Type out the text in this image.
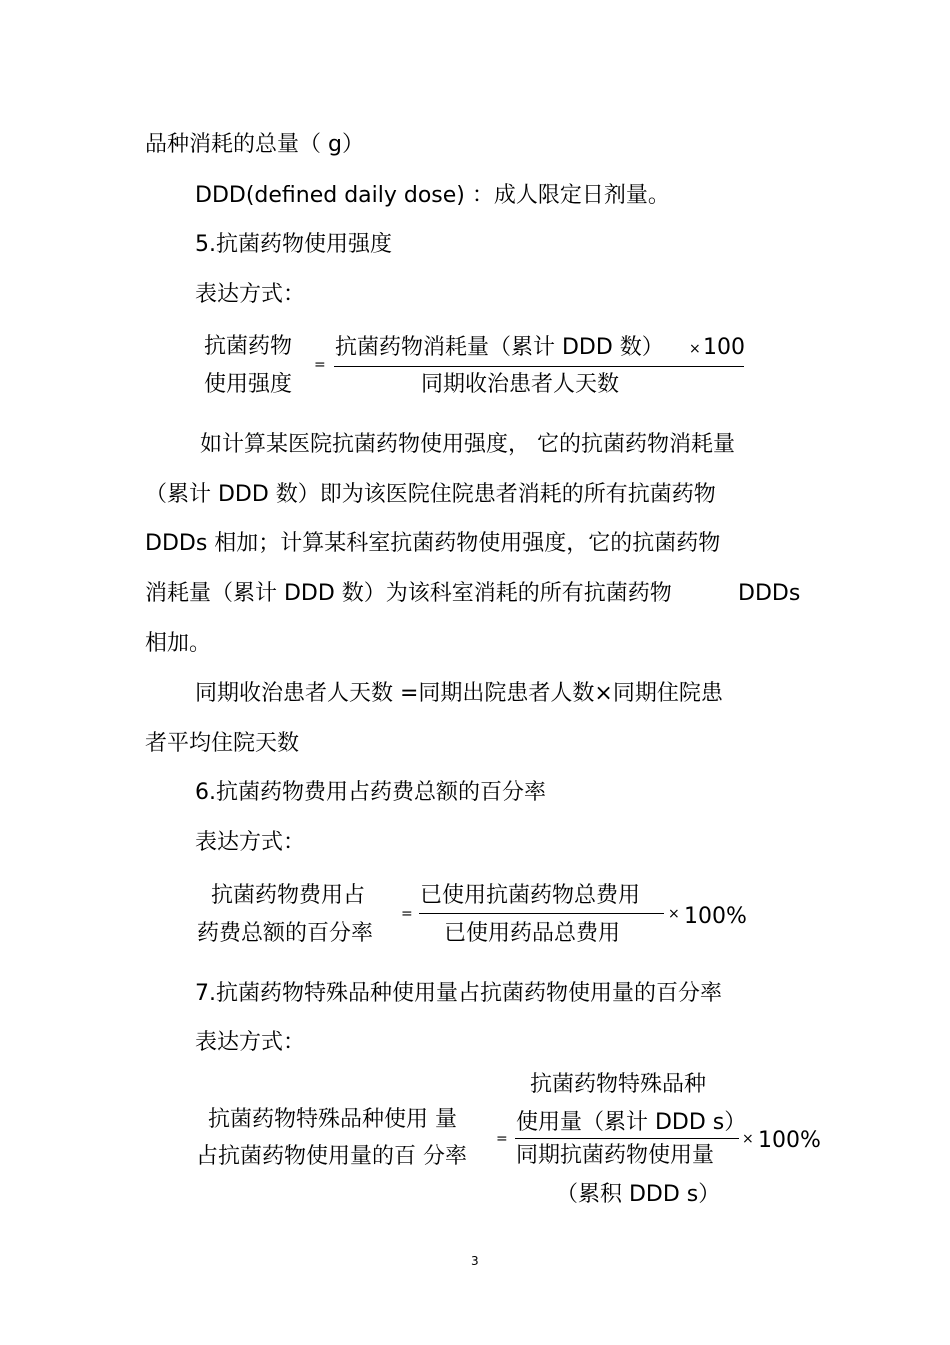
品种消耗的总量（ g）
DDD(defined daily dose) ：成人限定日剂量。
5.抗菌药物使用强度
表达方式：
抗菌药物
使用强度
=
抗菌药物消耗量（累计 DDD 数） × 100
同期收治患者人天数
如计算某医院抗菌药物使用强度， 它的抗菌药物消耗量
（累计 DDD 数）即为该医院住院患者消耗的所有抗菌药物
DDDs 相加；计算某科室抗菌药物使用强度，它的抗菌药物
消耗量（累计 DDD 数）为该科室消耗的所有抗菌药物	DDDs
相加。
同期收治患者人天数 =同期出院患者人数×同期住院患
者平均住院天数
6.抗菌药物费用占药费总额的百分率
表达方式：
抗菌药物费用占
药费总额的百分率
=
已使用抗菌药物总费用
已使用药品总费用
× 100%
7.抗菌药物特殊品种使用量占抗菌药物使用量的百分率
表达方式：
抗菌药物特殊品种
抗菌药物特殊品种使用 量
占抗菌药物使用量的百 分率
=
使用量（累计 DDD s）
同期抗菌药物使用量
（累积 DDD s）
× 100%
3
